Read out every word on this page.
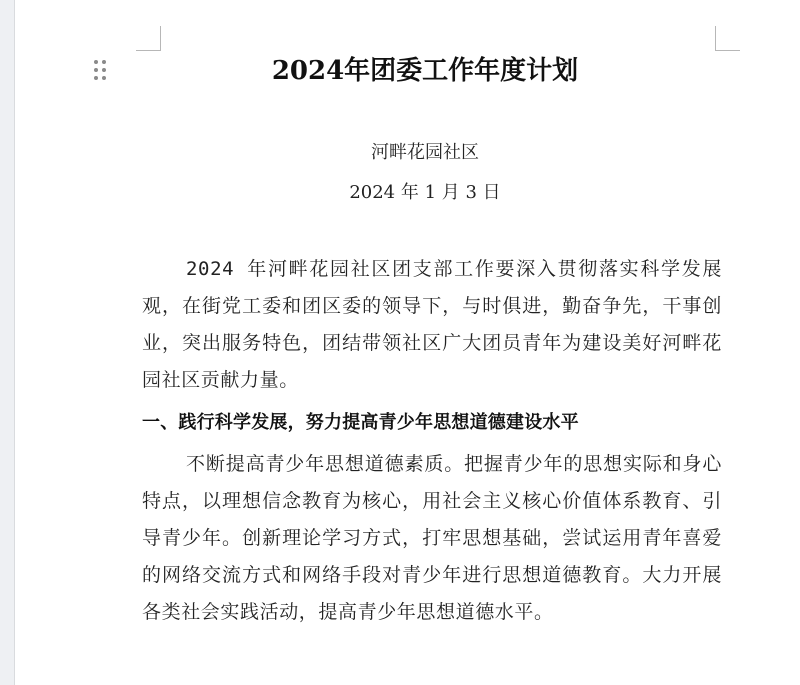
2024年团委工作年度计划
河畔花园社区
2024 年 1 月 3 日

2024 年河畔花园社区团支部工作要深入贯彻落实科学发展观，在街党工委和团区委的领导下，与时俱进，勤奋争先，干事创业，突出服务特色，团结带领社区广大团员青年为建设美好河畔花园社区贡献力量。

一、践行科学发展，努力提高青少年思想道德建设水平

不断提高青少年思想道德素质。把握青少年的思想实际和身心特点，以理想信念教育为核心，用社会主义核心价值体系教育、引导青少年。创新理论学习方式，打牢思想基础，尝试运用青年喜爱的网络交流方式和网络手段对青少年进行思想道德教育。大力开展各类社会实践活动，提高青少年思想道德水平。
